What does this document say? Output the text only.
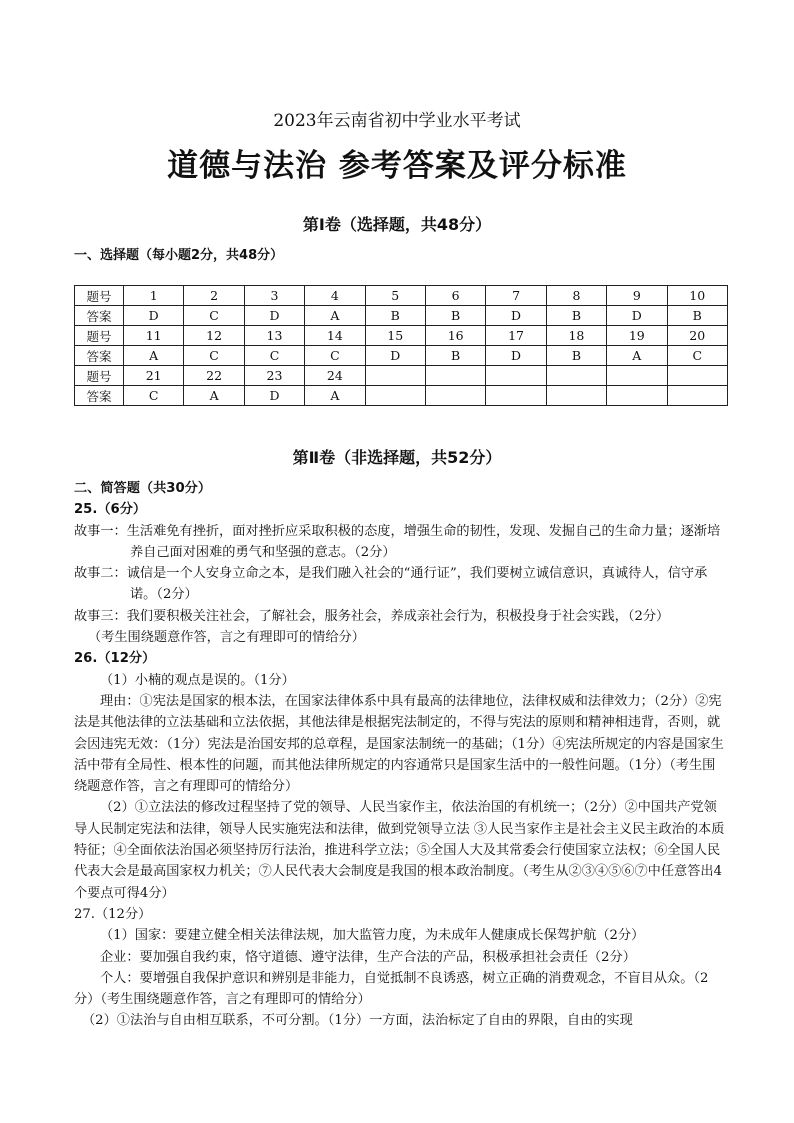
2023年云南省初中学业水平考试
道德与法治 参考答案及评分标准
第Ⅰ卷（选择题，共48分）
一、选择题（每小题2分，共48分）
题号	1	2	3	4	5	6	7	8	9	10
答案	D	C	D	A	B	B	D	B	D	B
题号	11	12	13	14	15	16	17	18	19	20
答案	A	C	C	C	D	B	D	B	A	C
题号	21	22	23	24						
答案	C	A	D	A						
第Ⅱ卷（非选择题，共52分）

二、简答题（共30分）

25.（6分）

故事一：生活难免有挫折，面对挫折应采取积极的态度，增强生命的韧性，发现、发掘自己的生命力量；逐渐培养自己面对困难的勇气和坚强的意志。（2分）

故事二：诚信是一个人安身立命之本，是我们融入社会的“通行证”，我们要树立诚信意识，真诚待人，信守承诺。（2分）

故事三：我们要积极关注社会，了解社会，服务社会，养成亲社会行为，积极投身于社会实践，（2分）

（考生围绕题意作答，言之有理即可的情给分）

26.（12分）

（1）小楠的观点是误的。（1分）

理由：①宪法是国家的根本法，在国家法律体系中具有最高的法律地位，法律权威和法律效力；（2分）②宪法是其他法律的立法基础和立法依据，其他法律是根据宪法制定的，不得与宪法的原则和精神相违背，否则，就会因违宪无效：（1分）宪法是治国安邦的总章程，是国家法制统一的基础；（1分）④宪法所规定的内容是国家生活中带有全局性、根本性的问题，而其他法律所规定的内容通常只是国家生活中的一般性问题。（1分）（考生围绕题意作答，言之有理即可的情给分）

（2）①立法法的修改过程坚持了党的领导、人民当家作主，依法治国的有机统一；（2分）②中国共产党领导人民制定宪法和法律，领导人民实施宪法和法律，做到党领导立法 ③人民当家作主是社会主义民主政治的本质特征；④全面依法治国必须坚持厉行法治，推进科学立法；⑤全国人大及其常委会行使国家立法权；⑥全国人民代表大会是最高国家权力机关；⑦人民代表大会制度是我国的根本政治制度。（考生从②③④⑤⑥⑦中任意答出4个要点可得4分）

27.（12分）

（1）国家：要建立健全相关法律法规，加大监管力度，为未成年人健康成长保驾护航（2分）

企业：要加强自我约束，恪守道德、遵守法律，生产合法的产品，积极承担社会责任（2分）

个人：要增强自我保护意识和辨别是非能力，自觉抵制不良诱惑，树立正确的消费观念，不盲目从众。（2分）（考生围绕题意作答，言之有理即可的情给分）

（2）①法治与自由相互联系，不可分割。（1分）一方面，法治标定了自由的界限，自由的实现
